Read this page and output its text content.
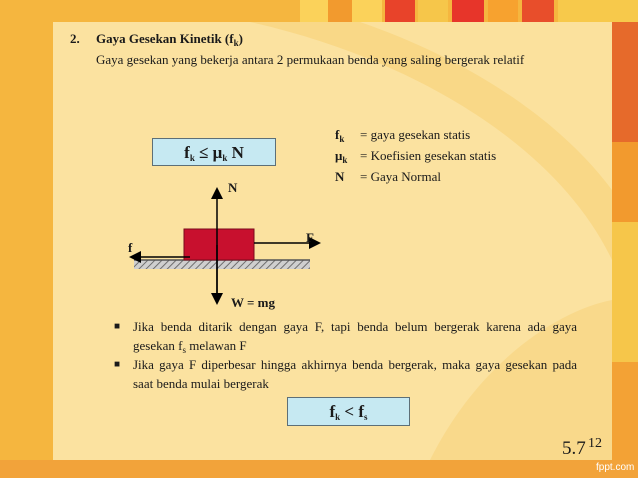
2. Gaya Gesekan Kinetik $(f_k)$
Gaya gesekan yang bekerja antara 2 permukaan benda yang saling bergerak relatif
$f_k \le \mu_k$ N
$f_k$ = gaya gesekan statis
$\mu_k$ = Koefisien gesekan statis
N = Gaya Normal
N
F
f
W = mg
■ Jika benda ditarik dengan gaya F, tapi benda belum bergerak karena ada gaya gesekan $f_s$ melawan F
■ Jika gaya F diperbesar hingga akhirnya benda bergerak, maka gaya gesekan pada saat benda mulai bergerak
$f_k < f_s$
5.7 12
fppt.com
